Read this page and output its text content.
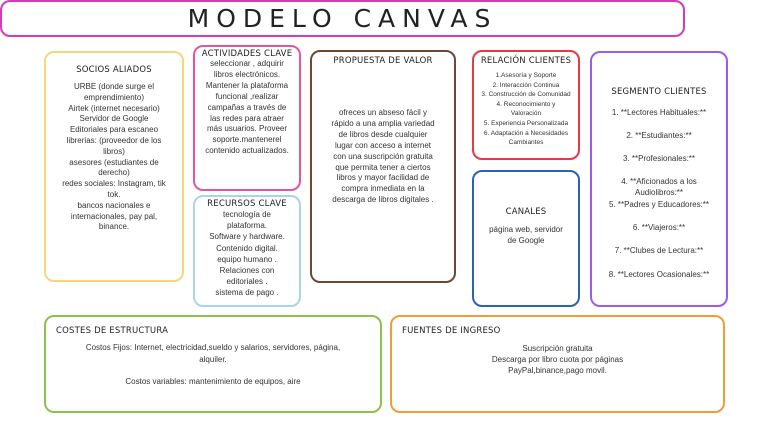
MODELO CANVAS
SOCIOS ALIADOS
URBE (donde surge el
emprendimiento)
Airtek (internet necesario)
Servidor de Google
Editoriales para escaneo
librerias: (proveedor de los
libros)
asesores (estudiantes de
derecho)
redes sociales: Instagram, tik
tok.
bancos nacionales e
internacionales, pay pal,
binance.
ACTIVIDADES CLAVE
seleccionar , adquirir
libros electrónicos.
Mantener la plataforma
funcional ,realizar
campañas a través de
las redes para atraer
más usuarios. Proveer
soporte.mantenerel
contenido actualizados.
RECURSOS CLAVE
tecnología de
plataforma.
Software y hardware.
Contenido digital.
equipo humano .
Relaciones con
editoriales .
sistema de pago .
PROPUESTA DE VALOR
ofreces un abseso fácil y
rápido a una amplia variedad
de libros desde cualquier
lugar con acceso a internet
con una suscripción gratuita
que permita tener a ciertos
libros y mayor facilidad de
compra inmediata en la
descarga de libros digitales .
RELACIÓN CLIENTES
1.Asesoría y Soporte
2. Interacción Continua
3. Construcción de Comunidad
4. Reconocimiento y
Valoración
5. Experiencia Personalizada
6. Adaptación a Necesidades
Cambiantes
CANALES
página web, servidor
de Google
SEGMENTO CLIENTES
1. **Lectores Habituales:**
2. **Estudiantes:**
3. **Profesionales:**
4. **Aficionados a los
Audiolibros:**
5. **Padres y Educadores:**
6. **Viajeros:**
7. **Clubes de Lectura:**
8. **Lectores Ocasionales:**
COSTES DE ESTRUCTURA
Costos Fijos: Internet, electricidad,sueldo y salarios, servidores, página,
alquiler.
Costos variables: mantenimiento de equipos, aire
FUENTES DE INGRESO
Suscripción gratuita
Descarga por libro cuota por páginas
PayPal,binance,pago movil.
